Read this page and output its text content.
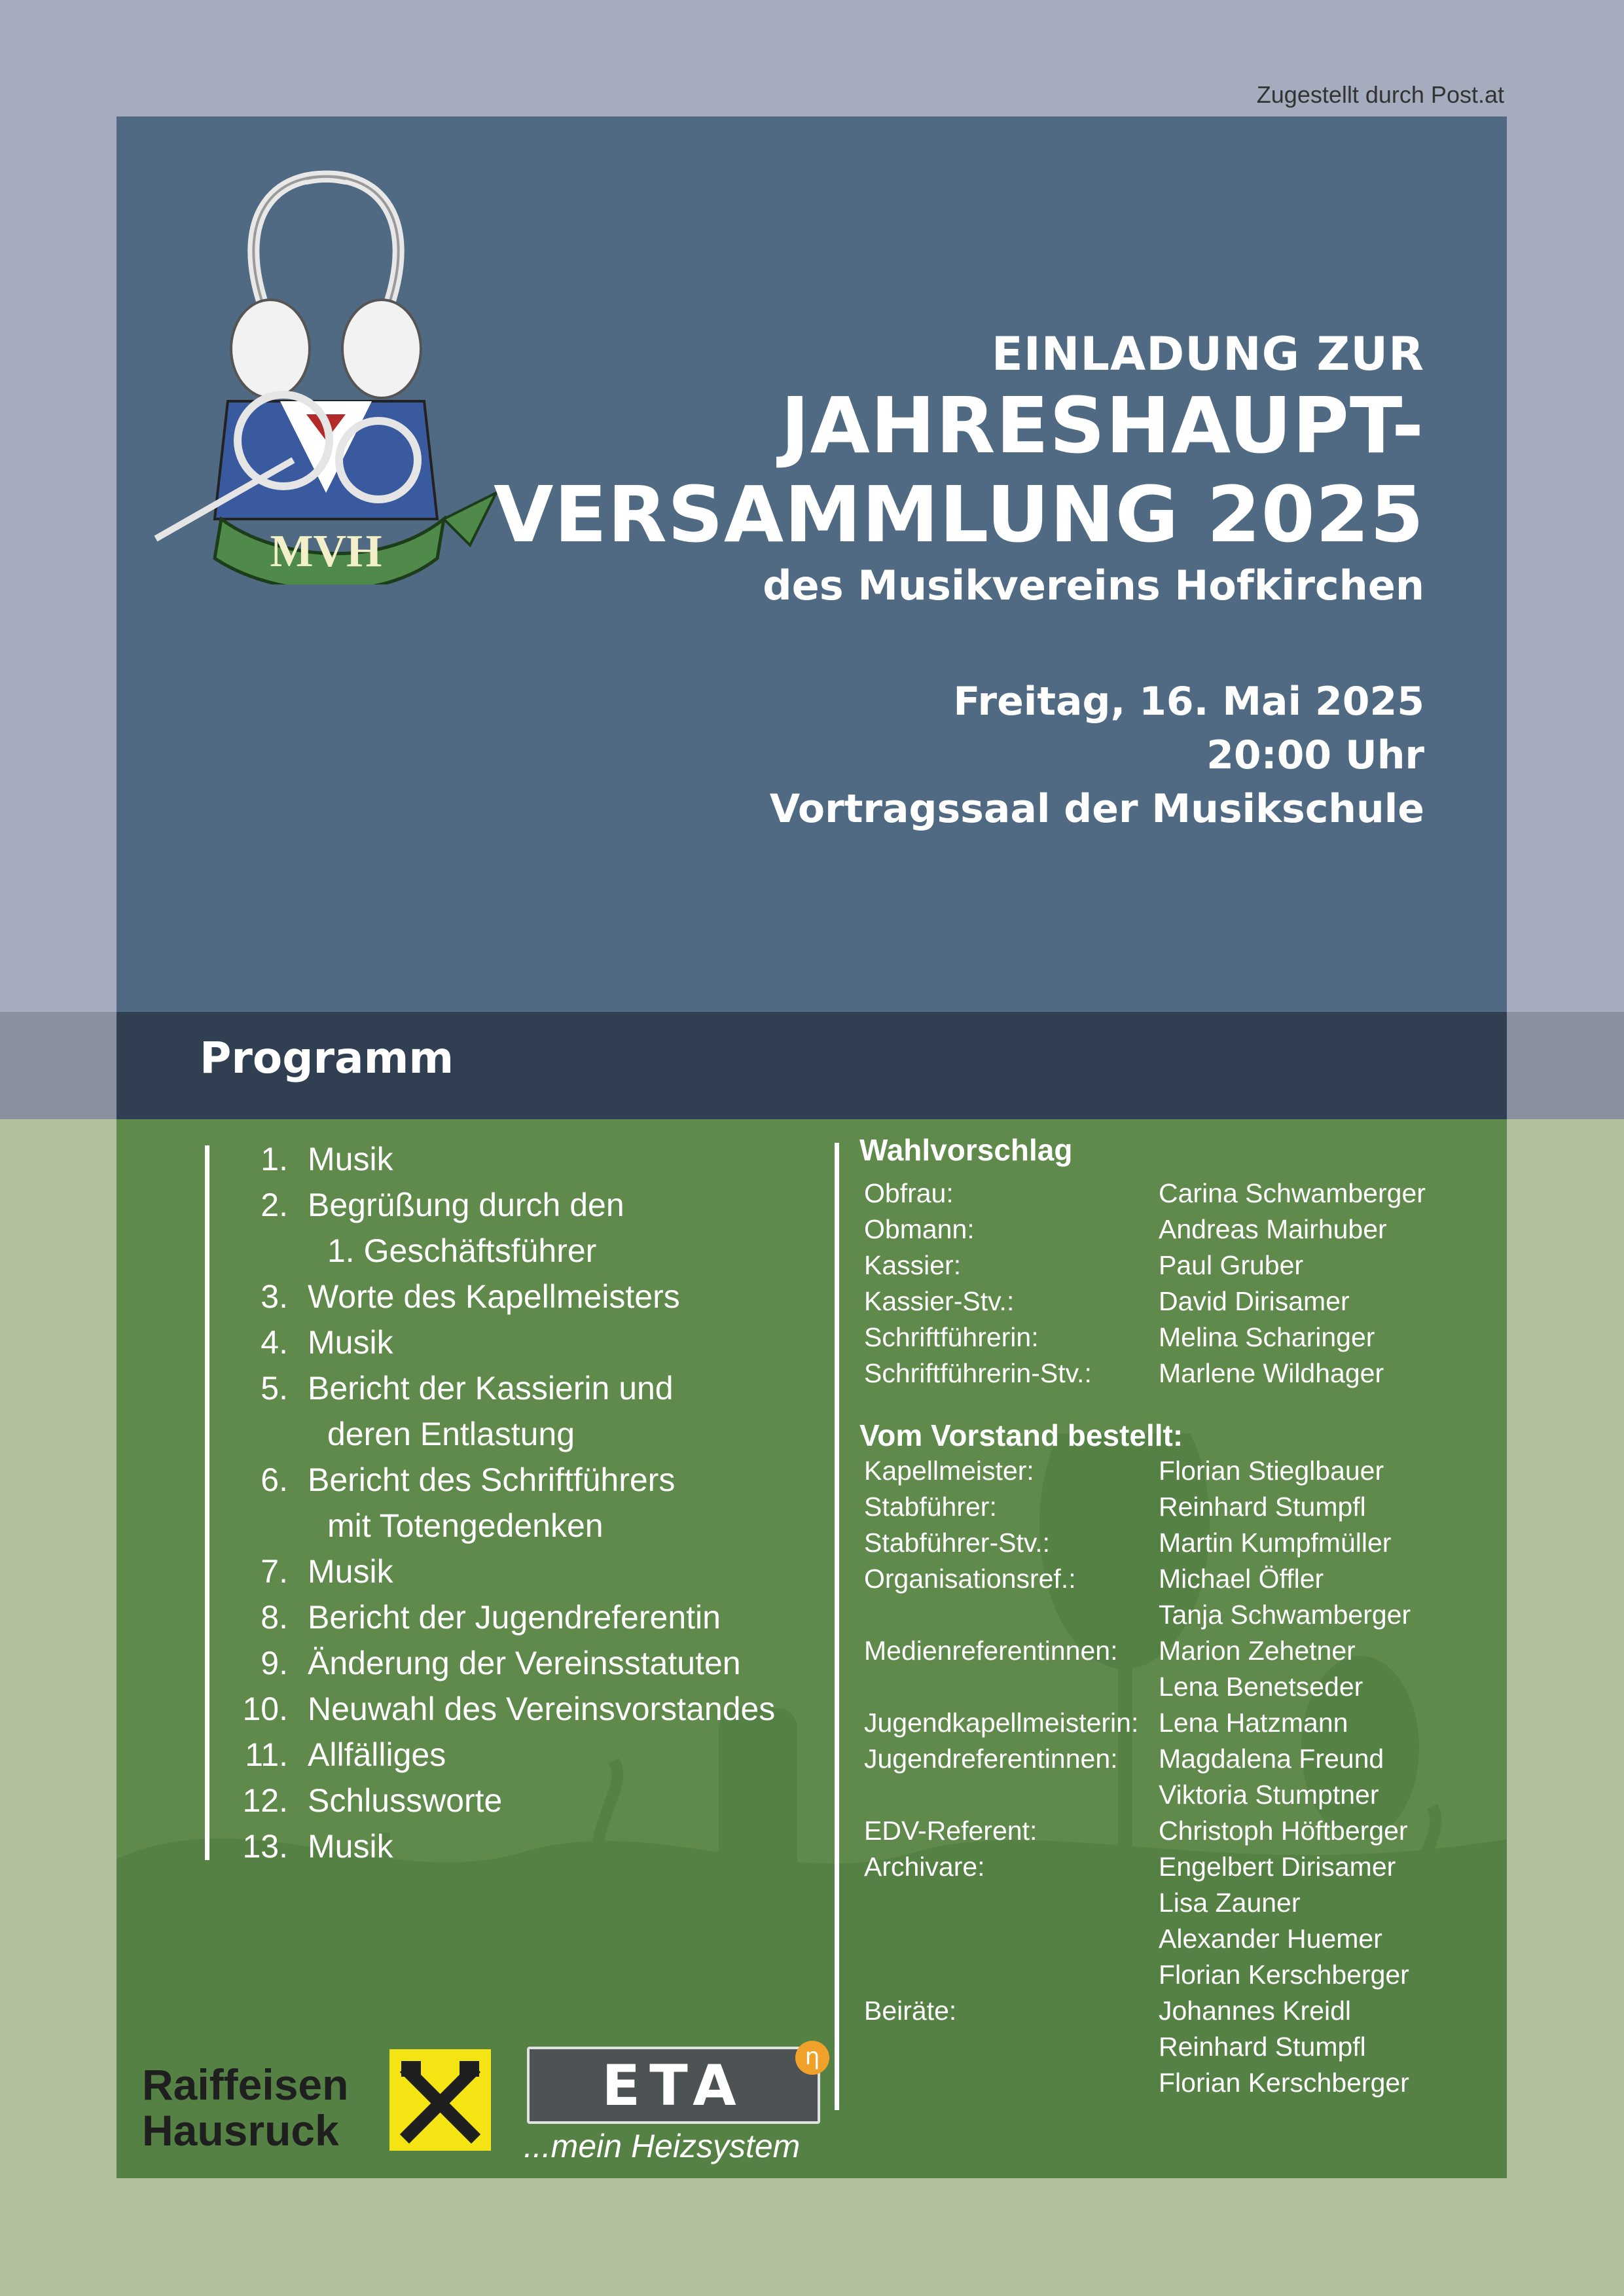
Zugestellt durch Post.at
MVH
EINLADUNG ZUR
JAHRESHAUPT-
VERSAMMLUNG 2025
des Musikvereins Hofkirchen
Freitag, 16. Mai 2025
20:00 Uhr
Vortragssaal der Musikschule
Programm
1. Musik
2. Begrüßung durch den
1. Geschäftsführer
3. Worte des Kapellmeisters
4. Musik
5. Bericht der Kassierin und
deren Entlastung
6. Bericht des Schriftführers
mit Totengedenken
7. Musik
8. Bericht der Jugendreferentin
9. Änderung der Vereinsstatuten
10. Neuwahl des Vereinsvorstandes
11. Allfälliges
12. Schlussworte
13. Musik
Wahlvorschlag
Obfrau:	Carina Schwamberger
Obmann:	Andreas Mairhuber
Kassier:	Paul Gruber
Kassier-Stv.:	David Dirisamer
Schriftführerin:	Melina Scharinger
Schriftführerin-Stv.:	Marlene Wildhager
Vom Vorstand bestellt:
Kapellmeister:	Florian Stieglbauer
Stabführer:	Reinhard Stumpfl
Stabführer-Stv.:	Martin Kumpfmüller
Organisationsref.:	Michael Öffler
Tanja Schwamberger
Medienreferentinnen:	Marion Zehetner
Lena Benetseder
Jugendkapellmeisterin: Lena Hatzmann
Jugendreferentinnen:	Magdalena Freund
Viktoria Stumptner
EDV-Referent:	Christoph Höftberger
Archivare:	Engelbert Dirisamer
Lisa Zauner
Alexander Huemer
Florian Kerschberger
Beiräte:	Johannes Kreidl
Reinhard Stumpfl
Florian Kerschberger
Raiffeisen
Hausruck
ETA	η
...mein Heizsystem
